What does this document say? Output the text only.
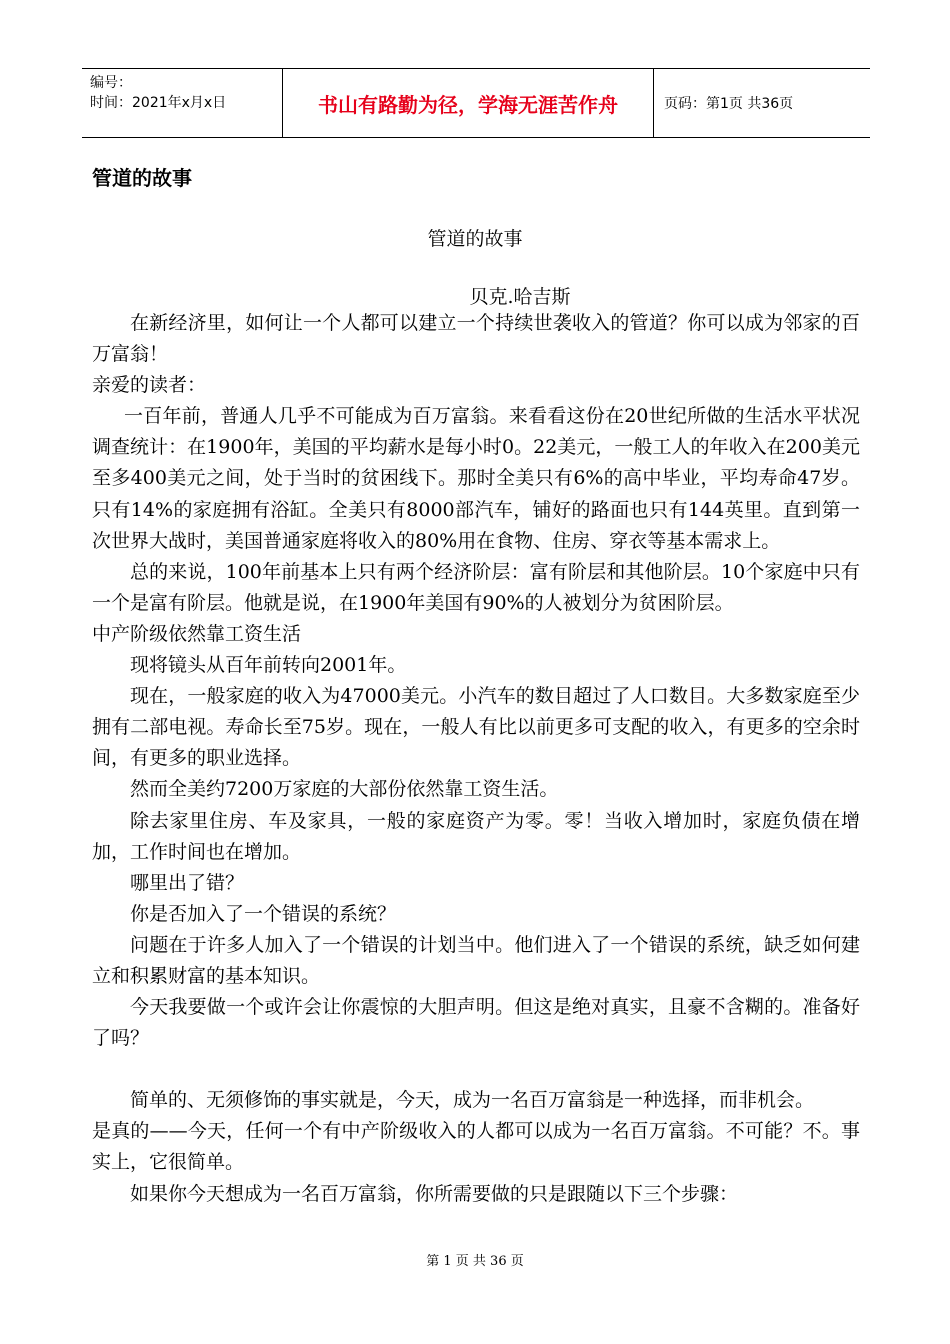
编号：
时间：2021年x月x日	书山有路勤为径，学海无涯苦作舟	页码：第1页 共36页
管道的故事
管道的故事
贝克.哈吉斯

在新经济里，如何让一个人都可以建立一个持续世袭收入的管道？你可以成为邻家的百万富翁！

亲爱的读者：

一百年前，普通人几乎不可能成为百万富翁。来看看这份在20世纪所做的生活水平状况调查统计：在1900年，美国的平均薪水是每小时0。22美元，一般工人的年收入在200美元至多400美元之间，处于当时的贫困线下。那时全美只有6%的高中毕业，平均寿命47岁。只有14%的家庭拥有浴缸。全美只有8000部汽车，铺好的路面也只有144英里。直到第一次世界大战时，美国普通家庭将收入的80%用在食物、住房、穿衣等基本需求上。

总的来说，100年前基本上只有两个经济阶层：富有阶层和其他阶层。10个家庭中只有一个是富有阶层。他就是说，在1900年美国有90%的人被划分为贫困阶层。

中产阶级依然靠工资生活

现将镜头从百年前转向2001年。

现在，一般家庭的收入为47000美元。小汽车的数目超过了人口数目。大多数家庭至少拥有二部电视。寿命长至75岁。现在，一般人有比以前更多可支配的收入，有更多的空余时间，有更多的职业选择。

然而全美约7200万家庭的大部份依然靠工资生活。

除去家里住房、车及家具，一般的家庭资产为零。零！当收入增加时，家庭负债在增加，工作时间也在增加。

哪里出了错？

你是否加入了一个错误的系统？

问题在于许多人加入了一个错误的计划当中。他们进入了一个错误的系统，缺乏如何建立和积累财富的基本知识。

今天我要做一个或许会让你震惊的大胆声明。但这是绝对真实，且豪不含糊的。准备好了吗？

简单的、无须修饰的事实就是，今天，成为一名百万富翁是一种选择，而非机会。

是真的——今天，任何一个有中产阶级收入的人都可以成为一名百万富翁。不可能？不。事实上，它很简单。

如果你今天想成为一名百万富翁，你所需要做的只是跟随以下三个步骤：

第 1 页 共 36 页
